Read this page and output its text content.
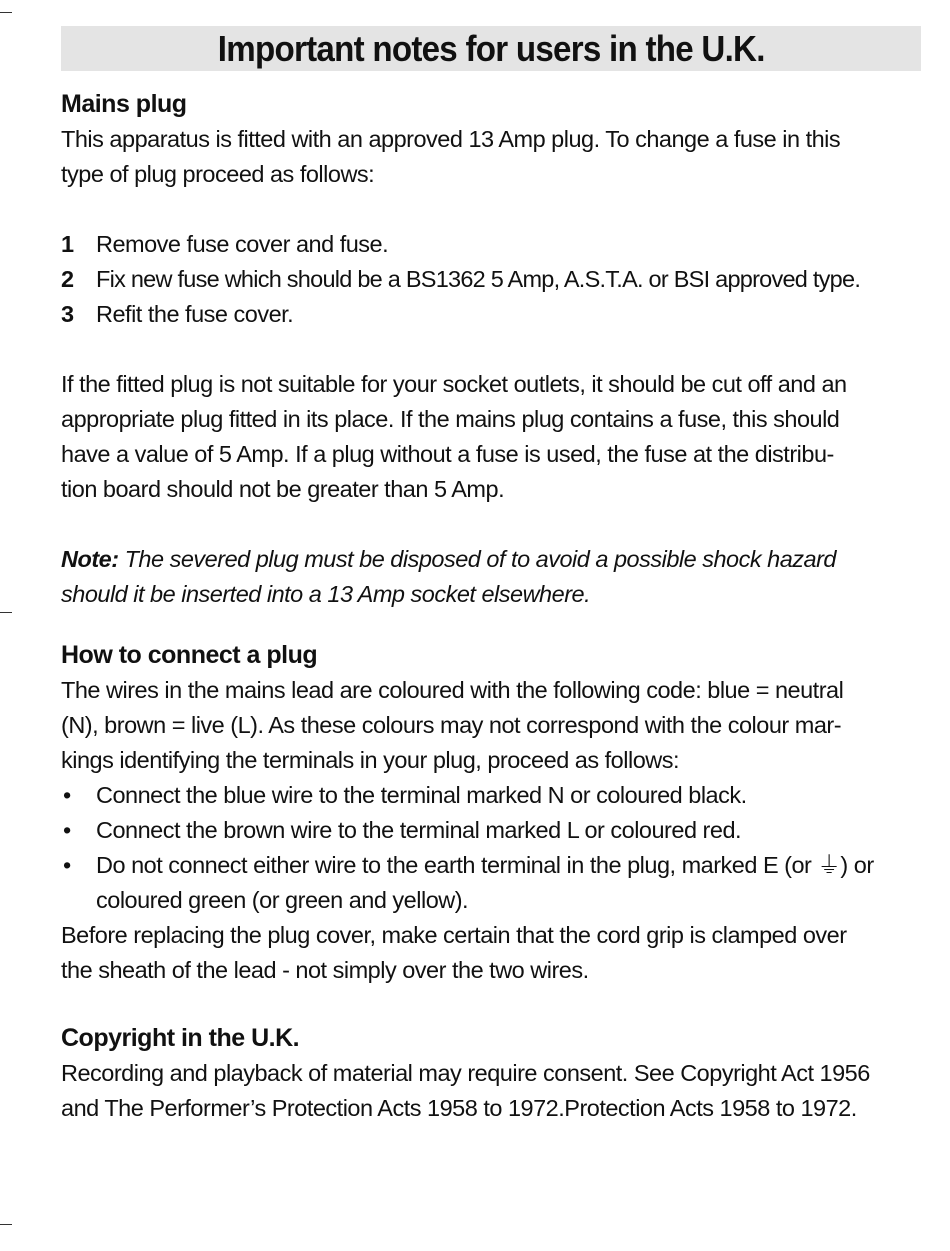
Important notes for users in the U.K.
Mains plug

This apparatus is fitted with an approved 13 Amp plug. To change a fuse in this
type of plug proceed as follows:

1 Remove fuse cover and fuse.
2 Fix new fuse which should be a BS1362 5 Amp, A.S.T.A. or BSI approved type.
3 Refit the fuse cover.

If the fitted plug is not suitable for your socket outlets, it should be cut off and an
appropriate plug fitted in its place. If the mains plug contains a fuse, this should
have a value of 5 Amp. If a plug without a fuse is used, the fuse at the distribu-
tion board should not be greater than 5 Amp.

Note: The severed plug must be disposed of to avoid a possible shock hazard
should it be inserted into a 13 Amp socket elsewhere.

How to connect a plug

The wires in the mains lead are coloured with the following code: blue = neutral
(N), brown = live (L). As these colours may not correspond with the colour mar-
kings identifying the terminals in your plug, proceed as follows:

• Connect the blue wire to the terminal marked N or coloured black.
• Connect the brown wire to the terminal marked L or coloured red.
• Do not connect either wire to the earth terminal in the plug, marked E (or ⏚) or
coloured green (or green and yellow).

Before replacing the plug cover, make certain that the cord grip is clamped over
the sheath of the lead - not simply over the two wires.

Copyright in the U.K.

Recording and playback of material may require consent. See Copyright Act 1956
and The Performer’s Protection Acts 1958 to 1972.Protection Acts 1958 to 1972.
